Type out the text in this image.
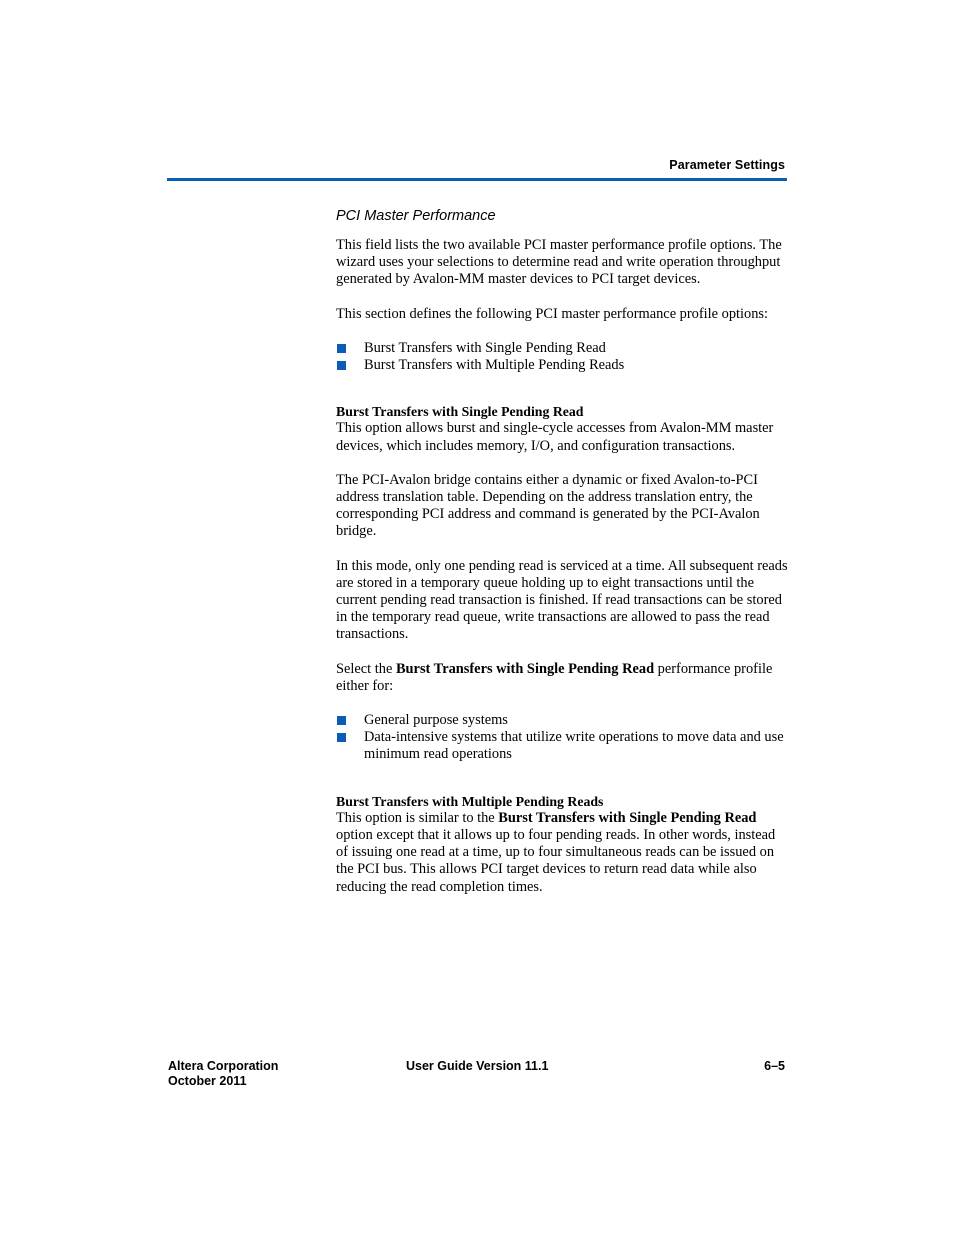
Parameter Settings
PCI Master Performance

This field lists the two available PCI master performance profile options. The wizard uses your selections to determine read and write operation throughput generated by Avalon-MM master devices to PCI target devices.

This section defines the following PCI master performance profile options:

Burst Transfers with Single Pending Read
Burst Transfers with Multiple Pending Reads
Burst Transfers with Single Pending Read

This option allows burst and single-cycle accesses from Avalon-MM master devices, which includes memory, I/O, and configuration transactions.

The PCI-Avalon bridge contains either a dynamic or fixed Avalon-to-PCI address translation table. Depending on the address translation entry, the corresponding PCI address and command is generated by the PCI-Avalon bridge.

In this mode, only one pending read is serviced at a time. All subsequent reads are stored in a temporary queue holding up to eight transactions until the current pending read transaction is finished. If read transactions can be stored in the temporary read queue, write transactions are allowed to pass the read transactions.

Select the Burst Transfers with Single Pending Read performance profile either for:

General purpose systems
Data-intensive systems that utilize write operations to move data and use minimum read operations
Burst Transfers with Multiple Pending Reads

This option is similar to the Burst Transfers with Single Pending Read option except that it allows up to four pending reads. In other words, instead of issuing one read at a time, up to four simultaneous reads can be issued on the PCI bus. This allows PCI target devices to return read data while also reducing the read completion times.

Altera Corporation
October 2011
User Guide Version 11.1	6–5
